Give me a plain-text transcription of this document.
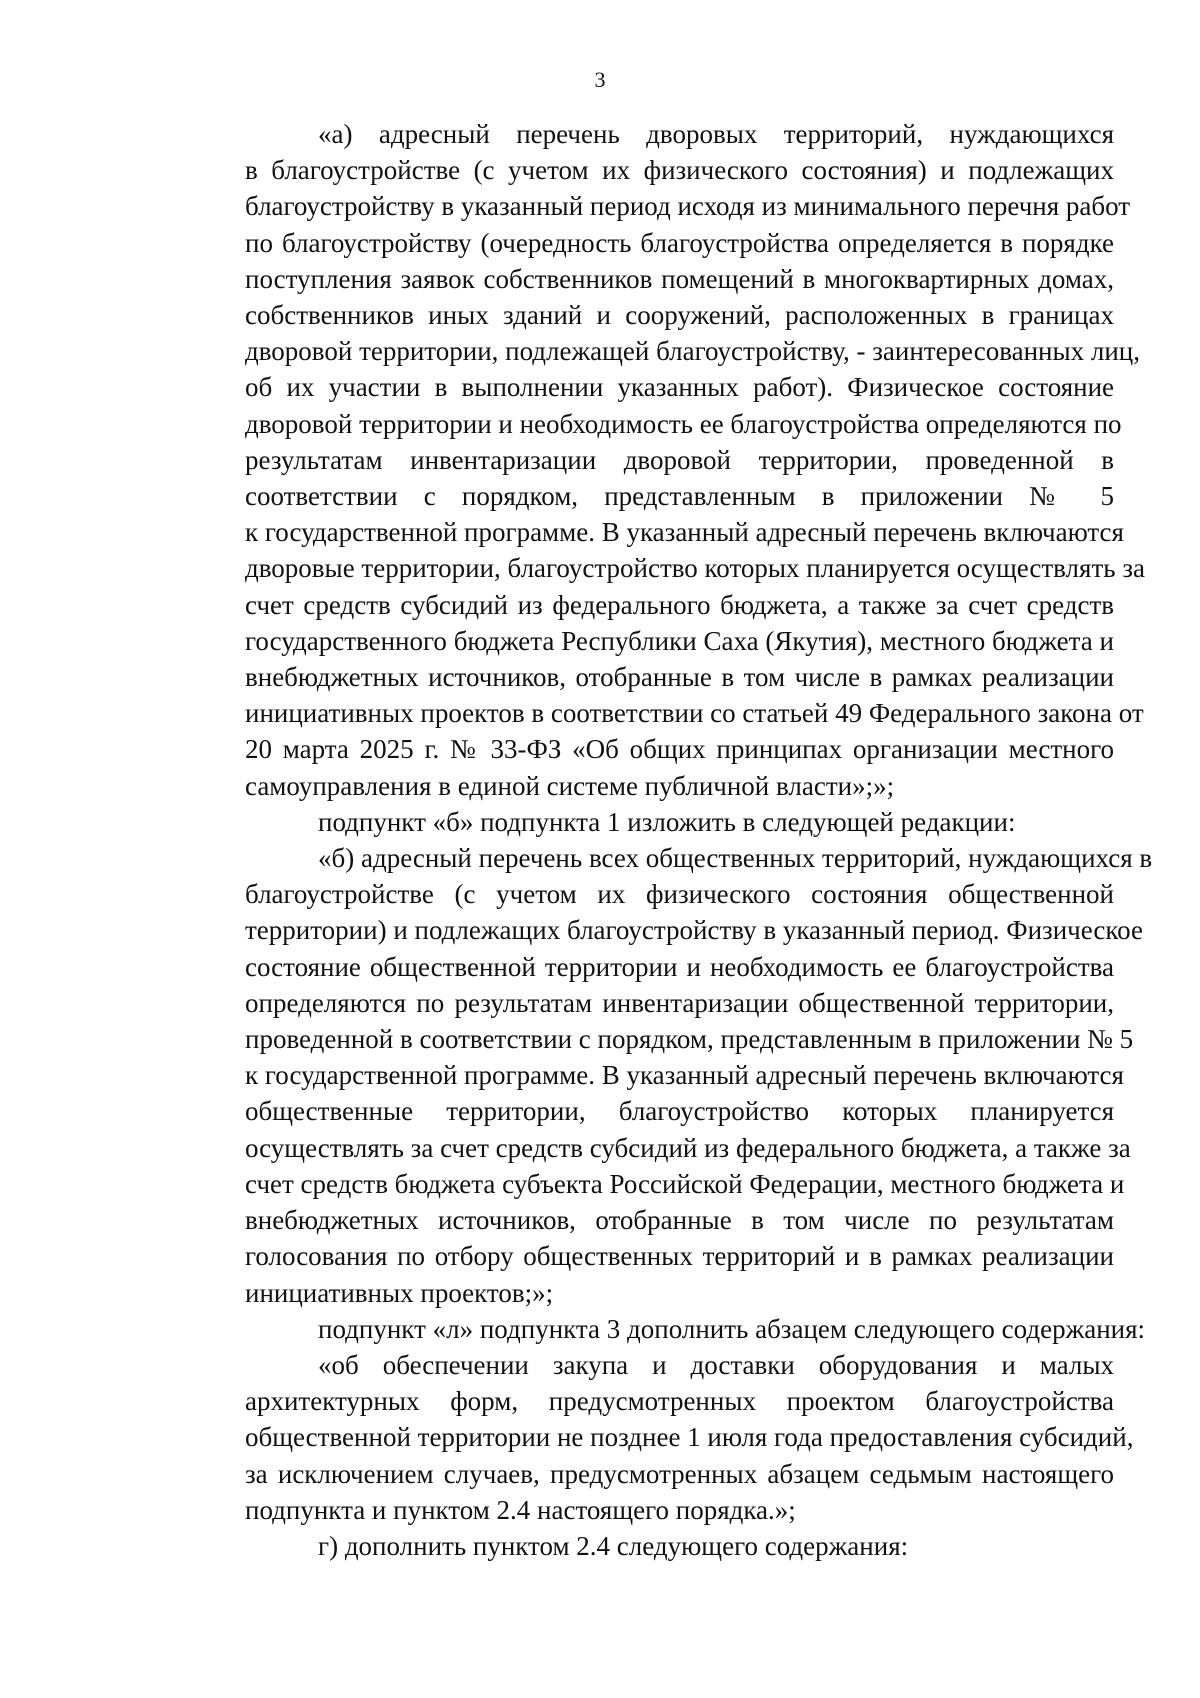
3
«а) адресный перечень дворовых территорий, нуждающихся
в благоустройстве (с учетом их физического состояния) и подлежащих
благоустройству в указанный период исходя из минимального перечня работ
по благоустройству (очередность благоустройства определяется в порядке
поступления заявок собственников помещений в многоквартирных домах,
собственников иных зданий и сооружений, расположенных в границах
дворовой территории, подлежащей благоустройству, - заинтересованных лиц,
об их участии в выполнении указанных работ). Физическое состояние
дворовой территории и необходимость ее благоустройства определяются по
результатам инвентаризации дворовой территории, проведенной в
соответствии с порядком, представленным в приложении № 5
к государственной программе. В указанный адресный перечень включаются
дворовые территории, благоустройство которых планируется осуществлять за
счет средств субсидий из федерального бюджета, а также за счет средств
государственного бюджета Республики Саха (Якутия), местного бюджета и
внебюджетных источников, отобранные в том числе в рамках реализации
инициативных проектов в соответствии со статьей 49 Федерального закона от
20 марта 2025 г. № 33-ФЗ «Об общих принципах организации местного
самоуправления в единой системе публичной власти»;»;
подпункт «б» подпункта 1 изложить в следующей редакции:
«б) адресный перечень всех общественных территорий, нуждающихся в
благоустройстве (с учетом их физического состояния общественной
территории) и подлежащих благоустройству в указанный период. Физическое
состояние общественной территории и необходимость ее благоустройства
определяются по результатам инвентаризации общественной территории,
проведенной в соответствии с порядком, представленным в приложении № 5
к государственной программе. В указанный адресный перечень включаются
общественные территории, благоустройство которых планируется
осуществлять за счет средств субсидий из федерального бюджета, а также за
счет средств бюджета субъекта Российской Федерации, местного бюджета и
внебюджетных источников, отобранные в том числе по результатам
голосования по отбору общественных территорий и в рамках реализации
инициативных проектов;»;
подпункт «л» подпункта 3 дополнить абзацем следующего содержания:
«об обеспечении закупа и доставки оборудования и малых
архитектурных форм, предусмотренных проектом благоустройства
общественной территории не позднее 1 июля года предоставления субсидий,
за исключением случаев, предусмотренных абзацем седьмым настоящего
подпункта и пунктом 2.4 настоящего порядка.»;
г) дополнить пунктом 2.4 следующего содержания:
